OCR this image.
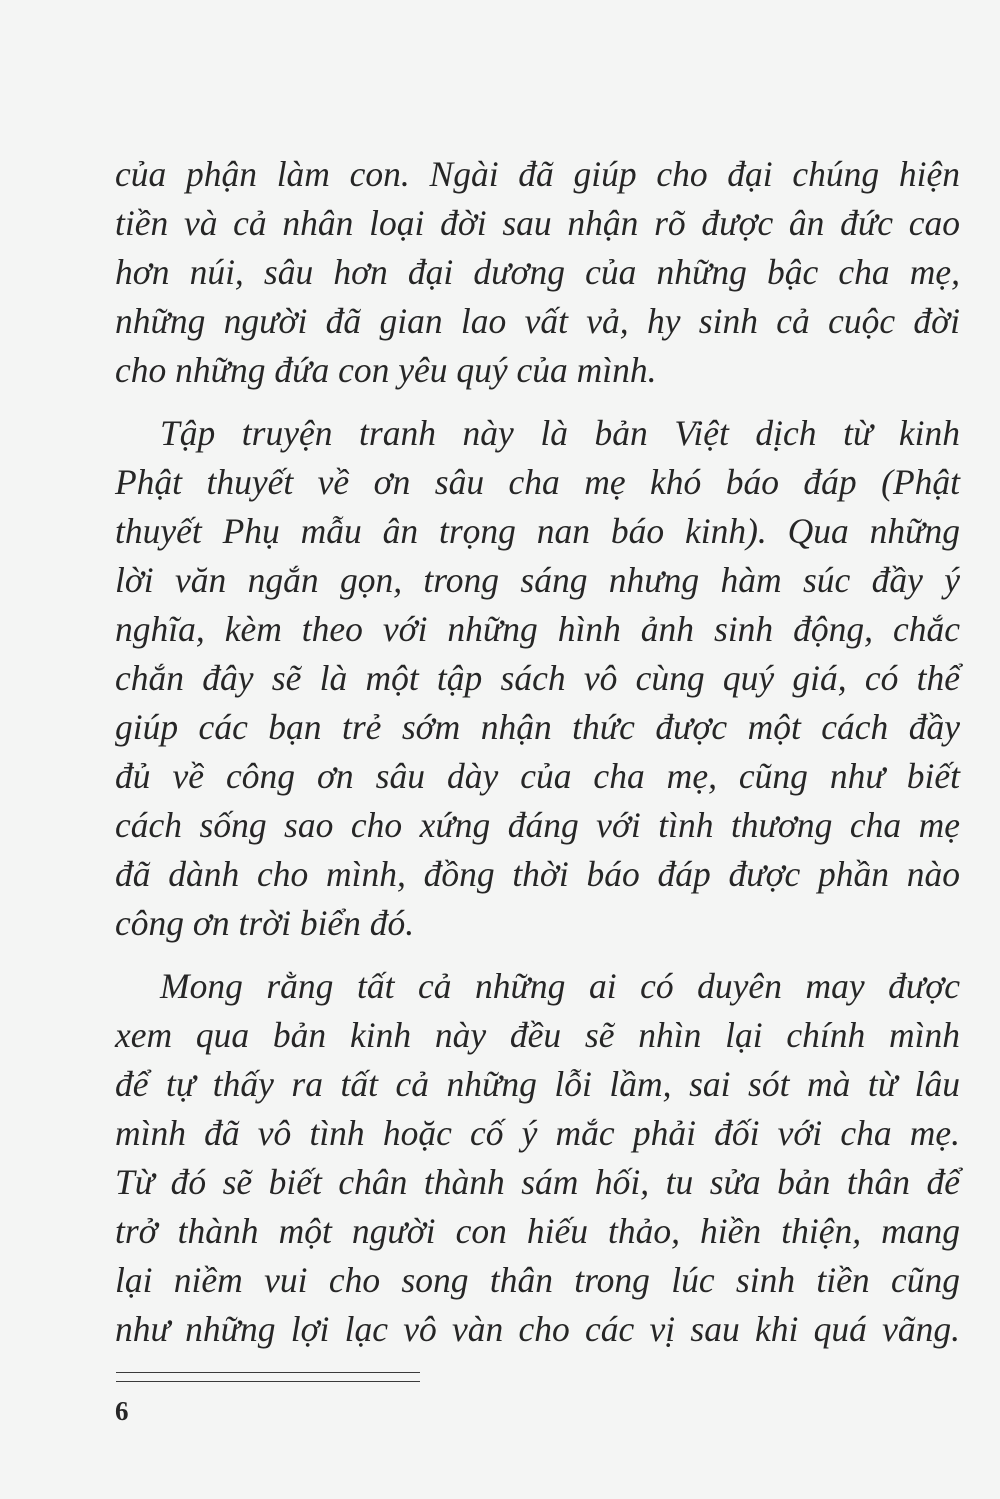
của phận làm con. Ngài đã giúp cho đại chúng hiện
tiền và cả nhân loại đời sau nhận rõ được ân đức cao
hơn núi, sâu hơn đại dương của những bậc cha mẹ,
những người đã gian lao vất vả, hy sinh cả cuộc đời
cho những đứa con yêu quý của mình.
Tập truyện tranh này là bản Việt dịch từ kinh
Phật thuyết về ơn sâu cha mẹ khó báo đáp (Phật
thuyết Phụ mẫu ân trọng nan báo kinh). Qua những
lời văn ngắn gọn, trong sáng nhưng hàm súc đầy ý
nghĩa, kèm theo với những hình ảnh sinh động, chắc
chắn đây sẽ là một tập sách vô cùng quý giá, có thể
giúp các bạn trẻ sớm nhận thức được một cách đầy
đủ về công ơn sâu dày của cha mẹ, cũng như biết
cách sống sao cho xứng đáng với tình thương cha mẹ
đã dành cho mình, đồng thời báo đáp được phần nào
công ơn trời biển đó.
Mong rằng tất cả những ai có duyên may được
xem qua bản kinh này đều sẽ nhìn lại chính mình
để tự thấy ra tất cả những lỗi lầm, sai sót mà từ lâu
mình đã vô tình hoặc cố ý mắc phải đối với cha mẹ.
Từ đó sẽ biết chân thành sám hối, tu sửa bản thân để
trở thành một người con hiếu thảo, hiền thiện, mang
lại niềm vui cho song thân trong lúc sinh tiền cũng
như những lợi lạc vô vàn cho các vị sau khi quá vãng.
6
